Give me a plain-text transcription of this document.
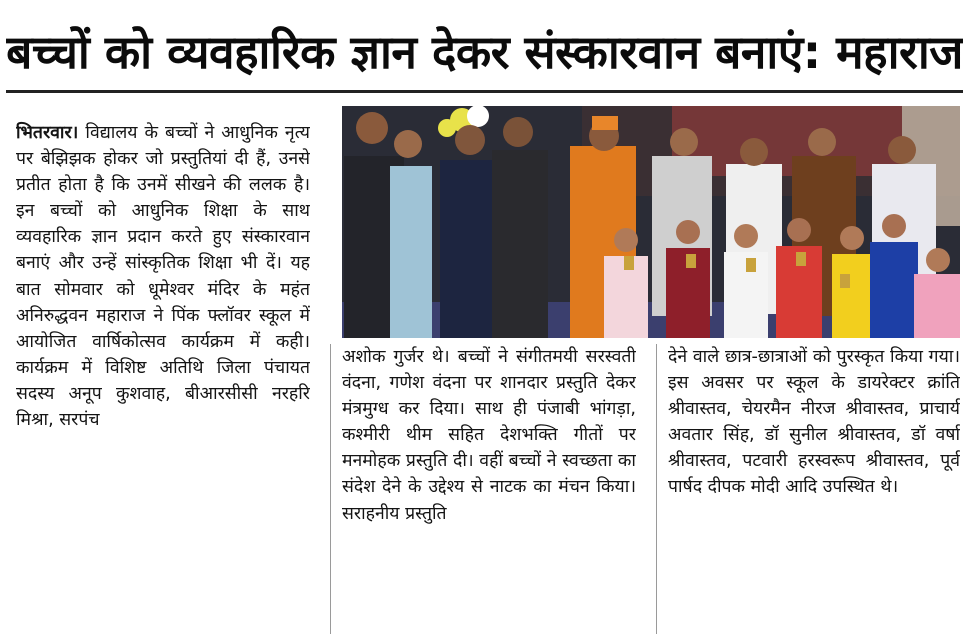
बच्चों को व्यवहारिक ज्ञान देकर संस्कारवान बनाएं: महाराज
भितरवार। विद्यालय के बच्चों ने आधुनिक नृत्य पर बेझिझक होकर जो प्रस्तुतियां दी हैं, उनसे प्रतीत होता है कि उनमें सीखने की ललक है। इन बच्चों को आधुनिक शिक्षा के साथ व्यवहारिक ज्ञान प्रदान करते हुए संस्कारवान बनाएं और उन्हें सांस्कृतिक शिक्षा भी दें। यह बात सोमवार को धूमेश्वर मंदिर के महंत अनिरुद्धवन महाराज ने पिंक फ्लॉवर स्कूल में आयोजित वार्षिकोत्सव कार्यक्रम में कही। कार्यक्रम में विशिष्ट अतिथि जिला पंचायत सदस्य अनूप कुशवाह, बीआरसीसी नरहरि मिश्रा, सरपंच
अशोक गुर्जर थे। बच्चों ने संगीतमयी सरस्वती वंदना, गणेश वंदना पर शानदार प्रस्तुति देकर मंत्रमुग्ध कर दिया। साथ ही पंजाबी भांगड़ा, कश्मीरी थीम सहित देशभक्ति गीतों पर मनमोहक प्रस्तुति दी। वहीं बच्चों ने स्वच्छता का संदेश देने के उद्देश्य से नाटक का मंचन किया। सराहनीय प्रस्तुति
देने वाले छात्र-छात्राओं को पुरस्कृत किया गया। इस अवसर पर स्कूल के डायरेक्टर क्रांति श्रीवास्तव, चेयरमैन नीरज श्रीवास्तव, प्राचार्य अवतार सिंह, डॉ सुनील श्रीवास्तव, डॉ वर्षा श्रीवास्तव, पटवारी हरस्वरूप श्रीवास्तव, पूर्व पार्षद दीपक मोदी आदि उपस्थित थे।
